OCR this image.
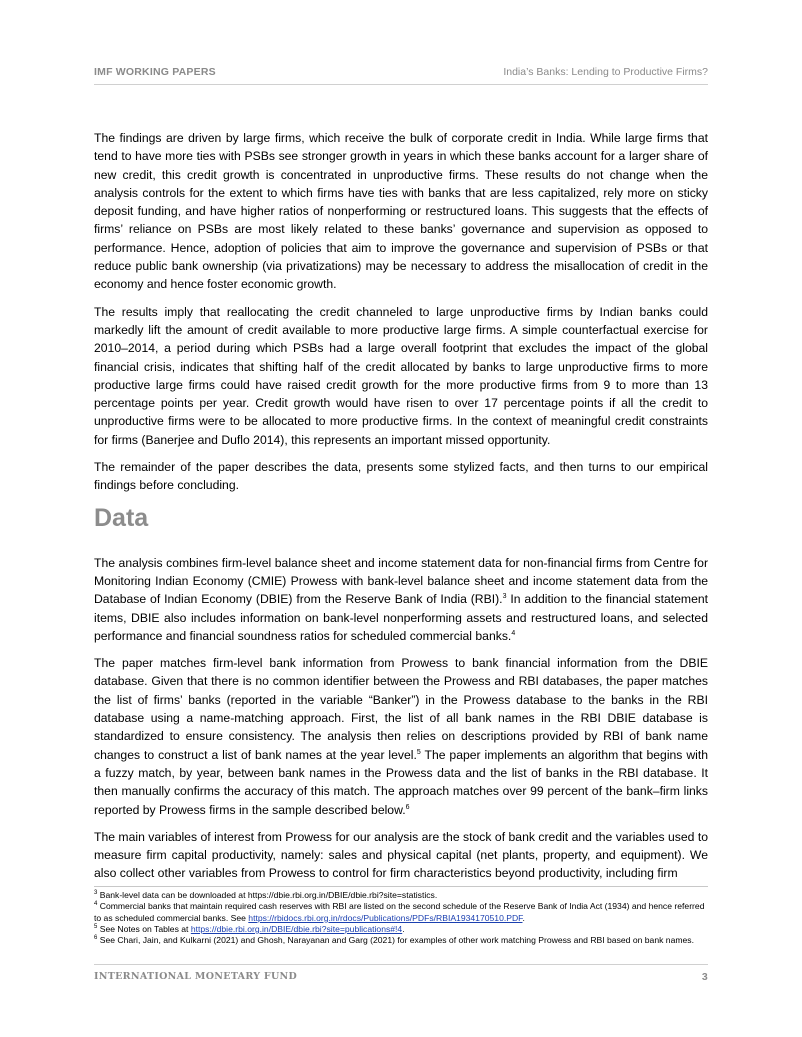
IMF WORKING PAPERS	India’s Banks: Lending to Productive Firms?

The findings are driven by large firms, which receive the bulk of corporate credit in India. While large firms that tend to have more ties with PSBs see stronger growth in years in which these banks account for a larger share of new credit, this credit growth is concentrated in unproductive firms. These results do not change when the analysis controls for the extent to which firms have ties with banks that are less capitalized, rely more on sticky deposit funding, and have higher ratios of nonperforming or restructured loans. This suggests that the effects of firms’ reliance on PSBs are most likely related to these banks’ governance and supervision as opposed to performance. Hence, adoption of policies that aim to improve the governance and supervision of PSBs or that reduce public bank ownership (via privatizations) may be necessary to address the misallocation of credit in the economy and hence foster economic growth.

The results imply that reallocating the credit channeled to large unproductive firms by Indian banks could markedly lift the amount of credit available to more productive large firms. A simple counterfactual exercise for 2010–2014, a period during which PSBs had a large overall footprint that excludes the impact of the global financial crisis, indicates that shifting half of the credit allocated by banks to large unproductive firms to more productive large firms could have raised credit growth for the more productive firms from 9 to more than 13 percentage points per year. Credit growth would have risen to over 17 percentage points if all the credit to unproductive firms were to be allocated to more productive firms. In the context of meaningful credit constraints for firms (Banerjee and Duflo 2014), this represents an important missed opportunity.

The remainder of the paper describes the data, presents some stylized facts, and then turns to our empirical findings before concluding.

Data

The analysis combines firm-level balance sheet and income statement data for non-financial firms from Centre for Monitoring Indian Economy (CMIE) Prowess with bank-level balance sheet and income statement data from the Database of Indian Economy (DBIE) from the Reserve Bank of India (RBI).$^3$ In addition to the financial statement items, DBIE also includes information on bank-level nonperforming assets and restructured loans, and selected performance and financial soundness ratios for scheduled commercial banks.$^4$

The paper matches firm-level bank information from Prowess to bank financial information from the DBIE database. Given that there is no common identifier between the Prowess and RBI databases, the paper matches the list of firms’ banks (reported in the variable “Banker”) in the Prowess database to the banks in the RBI database using a name-matching approach. First, the list of all bank names in the RBI DBIE database is standardized to ensure consistency. The analysis then relies on descriptions provided by RBI of bank name changes to construct a list of bank names at the year level.$^5$ The paper implements an algorithm that begins with a fuzzy match, by year, between bank names in the Prowess data and the list of banks in the RBI database. It then manually confirms the accuracy of this match. The approach matches over 99 percent of the bank–firm links reported by Prowess firms in the sample described below.$^6$

The main variables of interest from Prowess for our analysis are the stock of bank credit and the variables used to measure firm capital productivity, namely: sales and physical capital (net plants, property, and equipment). We also collect other variables from Prowess to control for firm characteristics beyond productivity, including firm

$^3$ Bank-level data can be downloaded at https://dbie.rbi.org.in/DBIE/dbie.rbi?site=statistics.

$^4$ Commercial banks that maintain required cash reserves with RBI are listed on the second schedule of the Reserve Bank of India Act (1934) and hence referred to as scheduled commercial banks. See https://rbidocs.rbi.org.in/rdocs/Publications/PDFs/RBIA1934170510.PDF.

$^5$ See Notes on Tables at https://dbie.rbi.org.in/DBIE/dbie.rbi?site=publications#!4.

$^6$ See Chari, Jain, and Kulkarni (2021) and Ghosh, Narayanan and Garg (2021) for examples of other work matching Prowess and RBI based on bank names.

INTERNATIONAL MONETARY FUND	3
